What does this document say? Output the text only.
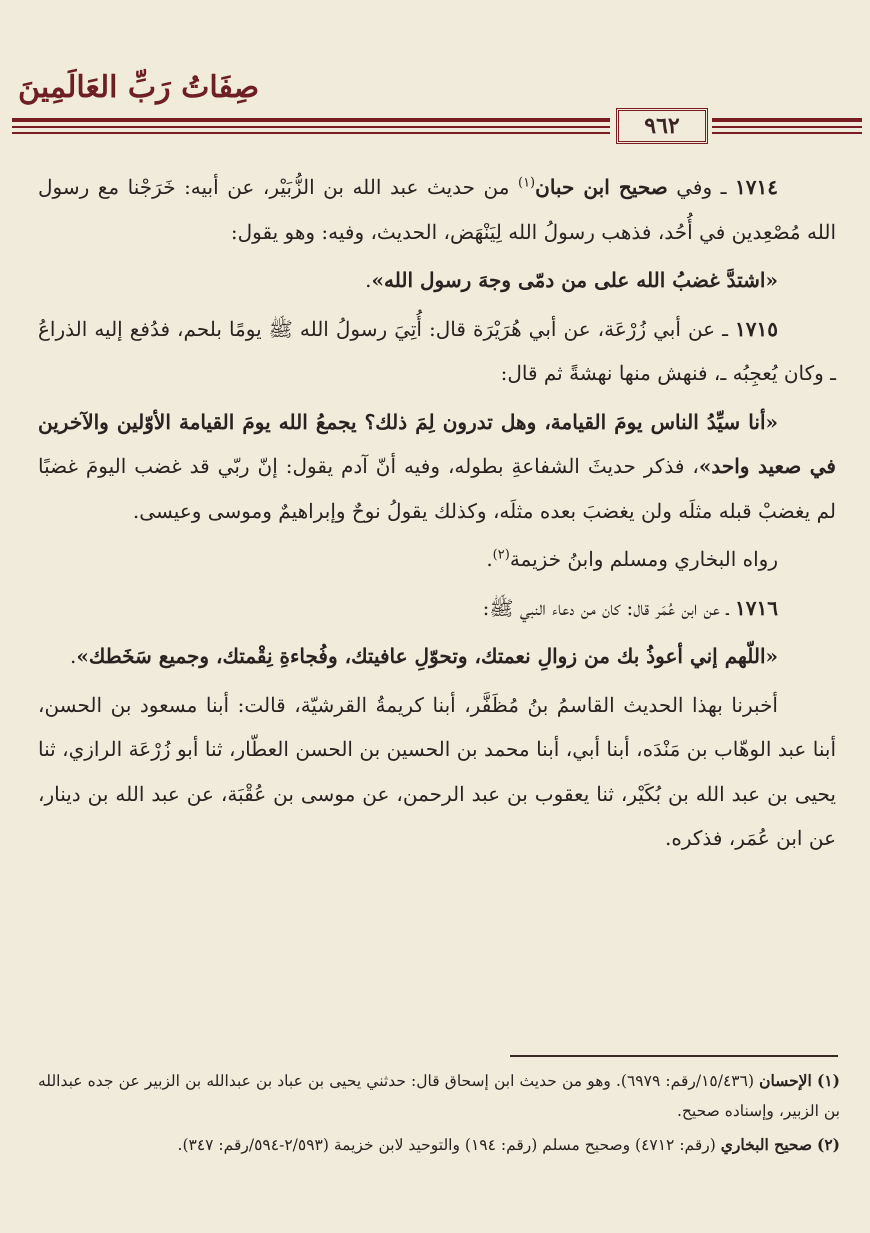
صِفَاتُ رَبِّ العَالَمِينَ
٩٦٢

١٧١٤ ـ وفي صحيح ابن حبان$^{(١)}$ من حديث عبد الله بن الزُّبَيْر، عن أبيه: خَرَجْنا مع رسول الله مُصْعِدين في أُحُد، فذهب رسولُ الله لِيَنْهَض، الحديث، وفيه: وهو يقول:

«اشتدَّ غضبُ الله على من دمّى وجهَ رسول الله».

١٧١٥ ـ عن أبي زُرْعَة، عن أبي هُرَيْرَة قال: أُتِيَ رسولُ الله ﷺ يومًا بلحم، فدُفع إليه الذراعُ ـ وكان يُعجِبُه ـ، فنهش منها نهشةً ثم قال:

«أنا سيِّدُ الناس يومَ القيامة، وهل تدرون لِمَ ذلك؟ يجمعُ الله يومَ القيامة الأوّلين والآخرين في صعيد واحد»، فذكر حديثَ الشفاعةِ بطوله، وفيه أنّ آدم يقول: إنّ ربّي قد غضب اليومَ غضبًا لم يغضبْ قبله مثلَه ولن يغضبَ بعده مثلَه، وكذلك يقولُ نوحٌ وإبراهيمٌ وموسى وعيسى.

رواه البخاري ومسلم وابنُ خزيمة$^{(٢)}$.

١٧١٦ ـ عن ابن عُمَر قال: كان من دعاء النبي ﷺ:

«اللّهم إني أعوذُ بك من زوالِ نعمتك، وتحوّلِ عافيتك، وفُجاءةِ نِقْمتك، وجميع سَخَطك».

أخبرنا بهذا الحديث القاسمُ بنُ مُظَفَّر، أبنا كريمةُ القرشيّة، قالت: أبنا مسعود بن الحسن، أبنا عبد الوهّاب بن مَنْدَه، أبنا أبي، أبنا محمد بن الحسين بن الحسن العطّار، ثنا أبو زُرْعَة الرازي، ثنا يحيى بن عبد الله بن بُكَيْر، ثنا يعقوب بن عبد الرحمن، عن موسى بن عُقْبَة، عن عبد الله بن دينار، عن ابن عُمَر، فذكره.

(١) الإحسان (١٥/٤٣٦/رقم: ٦٩٧٩). وهو من حديث ابن إسحاق قال: حدثني يحيى بن عباد بن عبدالله بن الزبير عن جده عبدالله بن الزبير، وإسناده صحيح.

(٢) صحيح البخاري (رقم: ٤٧١٢) وصحيح مسلم (رقم: ١٩٤) والتوحيد لابن خزيمة (٢/٥٩٣-٥٩٤/رقم: ٣٤٧).
